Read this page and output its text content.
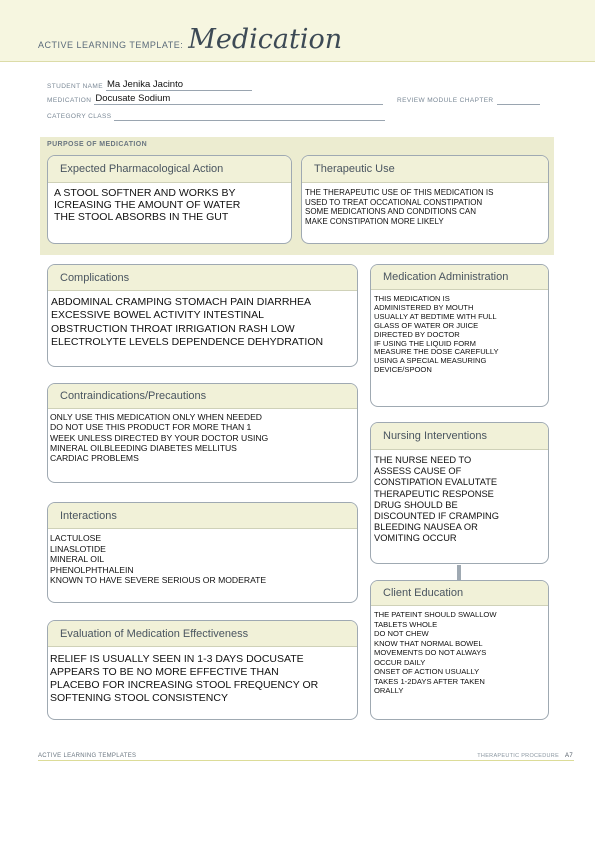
ACTIVE LEARNING TEMPLATE: Medication
STUDENT NAME Ma Jenika Jacinto
MEDICATION Docusate Sodium	REVIEW MODULE CHAPTER
CATEGORY CLASS
PURPOSE OF MEDICATION
Expected Pharmacological Action
A STOOL SOFTNER AND WORKS BY
ICREASING THE AMOUNT OF WATER
THE STOOL ABSORBS IN THE GUT
Therapeutic Use
THE THERAPEUTIC USE OF THIS MEDICATION IS
USED TO TREAT OCCATIONAL CONSTIPATION
SOME MEDICATIONS AND CONDITIONS CAN
MAKE CONSTIPATION MORE LIKELY
Complications
ABDOMINAL CRAMPING STOMACH PAIN DIARRHEA
EXCESSIVE BOWEL ACTIVITY INTESTINAL
OBSTRUCTION THROAT IRRIGATION RASH LOW
ELECTROLYTE LEVELS DEPENDENCE DEHYDRATION
Medication Administration
THIS MEDICATION IS
ADMINISTERED BY MOUTH
USUALLY AT BEDTIME WITH FULL
GLASS OF WATER OR JUICE
DIRECTED BY DOCTOR
IF USING THE LIQUID FORM
MEASURE THE DOSE CAREFULLY
USING A SPECIAL MEASURING
DEVICE/SPOON
Contraindications/Precautions
ONLY USE THIS MEDICATION ONLY WHEN NEEDED
DO NOT USE THIS PRODUCT FOR MORE THAN 1
WEEK UNLESS DIRECTED BY YOUR DOCTOR USING
MINERAL OILBLEEDING DIABETES MELLITUS
CARDIAC PROBLEMS
Nursing Interventions
THE NURSE NEED TO
ASSESS CAUSE OF
CONSTIPATION EVALUTATE
THERAPEUTIC RESPONSE
DRUG SHOULD BE
DISCOUNTED IF CRAMPING
BLEEDING NAUSEA OR
VOMITING OCCUR
Interactions
LACTULOSE
LINASLOTIDE
MINERAL OIL
PHENOLPHTHALEIN
KNOWN TO HAVE SEVERE SERIOUS OR MODERATE
Client Education
THE PATEINT SHOULD SWALLOW
TABLETS WHOLE
DO NOT CHEW
KNOW THAT NORMAL BOWEL
MOVEMENTS DO NOT ALWAYS
OCCUR DAILY
ONSET OF ACTION USUALLY
TAKES 1-2DAYS AFTER TAKEN
ORALLY
Evaluation of Medication Effectiveness
RELIEF IS USUALLY SEEN IN 1-3 DAYS DOCUSATE
APPEARS TO BE NO MORE EFFECTIVE THAN
PLACEBO FOR INCREASING STOOL FREQUENCY OR
SOFTENING STOOL CONSISTENCY
ACTIVE LEARNING TEMPLATES	THERAPEUTIC PROCEDURE A7
